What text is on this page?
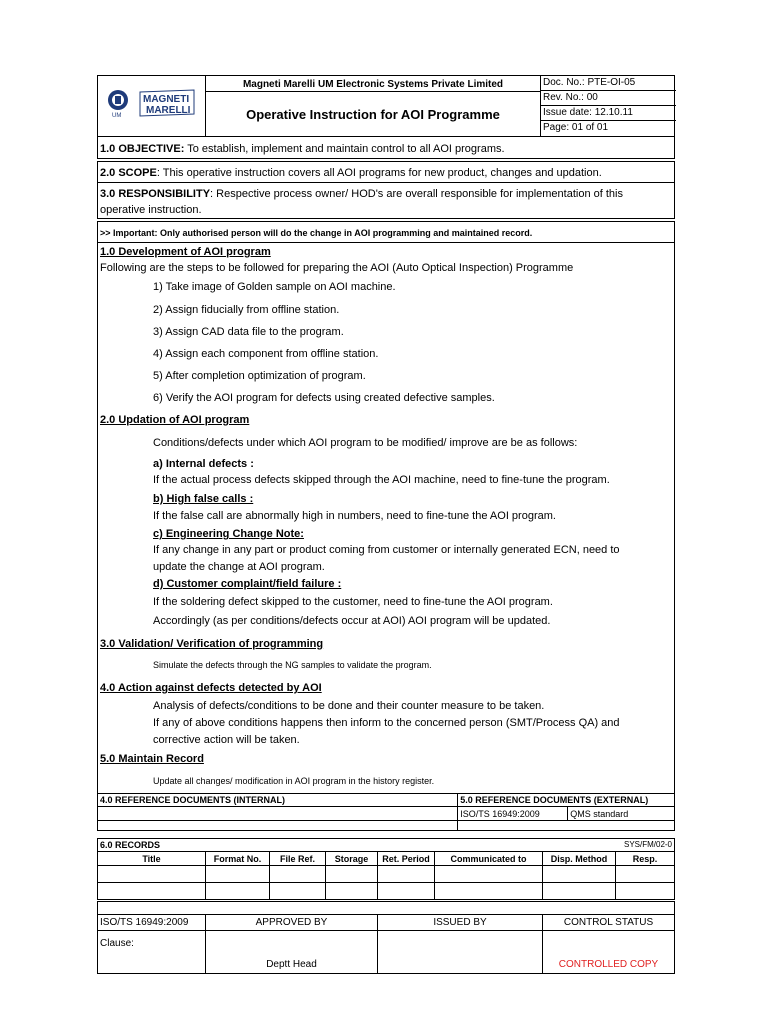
MAGNETI
MARELLI
UM
Magneti Marelli UM Electronic Systems Private Limited
Operative Instruction for AOI Programme
Doc. No.: PTE-OI-05
Rev. No.: 00
Issue date: 12.10.11
Page: 01 of 01
1.0 OBJECTIVE: To establish, implement and maintain control to all AOI programs.
2.0 SCOPE: This operative instruction covers all AOI programs for new product, changes and updation.
3.0 RESPONSIBILITY: Respective process owner/ HOD's are overall responsible for implementation of this
operative instruction.
>> Important: Only authorised person will do the change in AOI programming and maintained record.
1.0 Development of AOI program
Following are the steps to be followed for preparing the AOI (Auto Optical Inspection) Programme
1) Take image of Golden sample on AOI machine.
2) Assign fiducially from offline station.
3) Assign CAD data file to the program.
4) Assign each component from offline station.
5) After completion optimization of program.
6) Verify the AOI program for defects using created defective samples.
2.0 Updation of AOI program
Conditions/defects under which AOI program to be modified/ improve are be as follows:
a) Internal defects :
If the actual process defects skipped through the AOI machine, need to fine-tune the program.
b) High false calls :
If the false call are abnormally high in numbers, need to fine-tune the AOI program.
c) Engineering Change Note:
If any change in any part or product coming from customer or internally generated ECN, need to
update the change at AOI program.
d) Customer complaint/field failure :
If the soldering defect skipped to the customer, need to fine-tune the AOI program.
Accordingly (as per conditions/defects occur at AOI) AOI program will be updated.
3.0 Validation/ Verification of programming
Simulate the defects through the NG samples to validate the program.
4.0 Action against defects detected by AOI
Analysis of defects/conditions to be done and their counter measure to be taken.
If any of above conditions happens then inform to the concerned person (SMT/Process QA) and
corrective action will be taken.
5.0 Maintain Record
Update all changes/ modification in AOI program in the history register.
4.0 REFERENCE DOCUMENTS (INTERNAL)	5.0 REFERENCE DOCUMENTS (EXTERNAL)	
	ISO/TS 16949:2009	QMS standard

6.0 RECORDS					SYS/FM/02-0		
Title	Format No.	File Ref.	Storage	Ret. Period	Communicated to	Disp. Method	Resp.

ISO/TS 16949:2009	APPROVED BY	ISSUED BY	CONTROL STATUS
Clause:	Deptt Head		CONTROLLED COPY
